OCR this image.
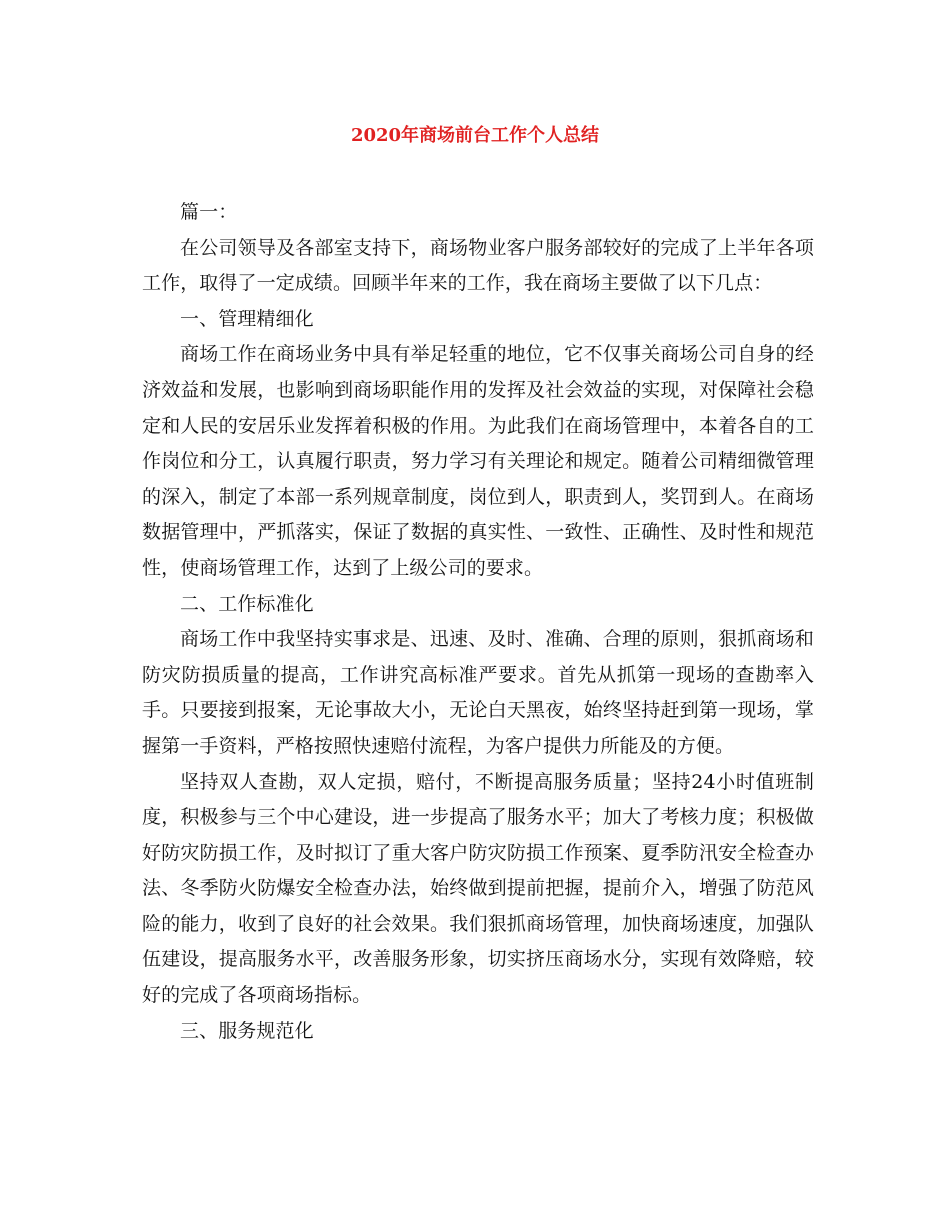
2020年商场前台工作个人总结

篇一：

在公司领导及各部室支持下，商场物业客户服务部较好的完成了上半年各项工作，取得了一定成绩。回顾半年来的工作，我在商场主要做了以下几点：

一、管理精细化

商场工作在商场业务中具有举足轻重的地位，它不仅事关商场公司自身的经济效益和发展，也影响到商场职能作用的发挥及社会效益的实现，对保障社会稳定和人民的安居乐业发挥着积极的作用。为此我们在商场管理中，本着各自的工作岗位和分工，认真履行职责，努力学习有关理论和规定。随着公司精细微管理的深入，制定了本部一系列规章制度，岗位到人，职责到人，奖罚到人。在商场数据管理中，严抓落实，保证了数据的真实性、一致性、正确性、及时性和规范性，使商场管理工作，达到了上级公司的要求。

二、工作标准化

商场工作中我坚持实事求是、迅速、及时、准确、合理的原则，狠抓商场和防灾防损质量的提高，工作讲究高标准严要求。首先从抓第一现场的查勘率入手。只要接到报案，无论事故大小，无论白天黑夜，始终坚持赶到第一现场，掌握第一手资料，严格按照快速赔付流程，为客户提供力所能及的方便。

坚持双人查勘，双人定损，赔付，不断提高服务质量；坚持24小时值班制度，积极参与三个中心建设，进一步提高了服务水平；加大了考核力度；积极做好防灾防损工作，及时拟订了重大客户防灾防损工作预案、夏季防汛安全检查办法、冬季防火防爆安全检查办法，始终做到提前把握，提前介入，增强了防范风险的能力，收到了良好的社会效果。我们狠抓商场管理，加快商场速度，加强队伍建设，提高服务水平，改善服务形象，切实挤压商场水分，实现有效降赔，较好的完成了各项商场指标。

三、服务规范化
